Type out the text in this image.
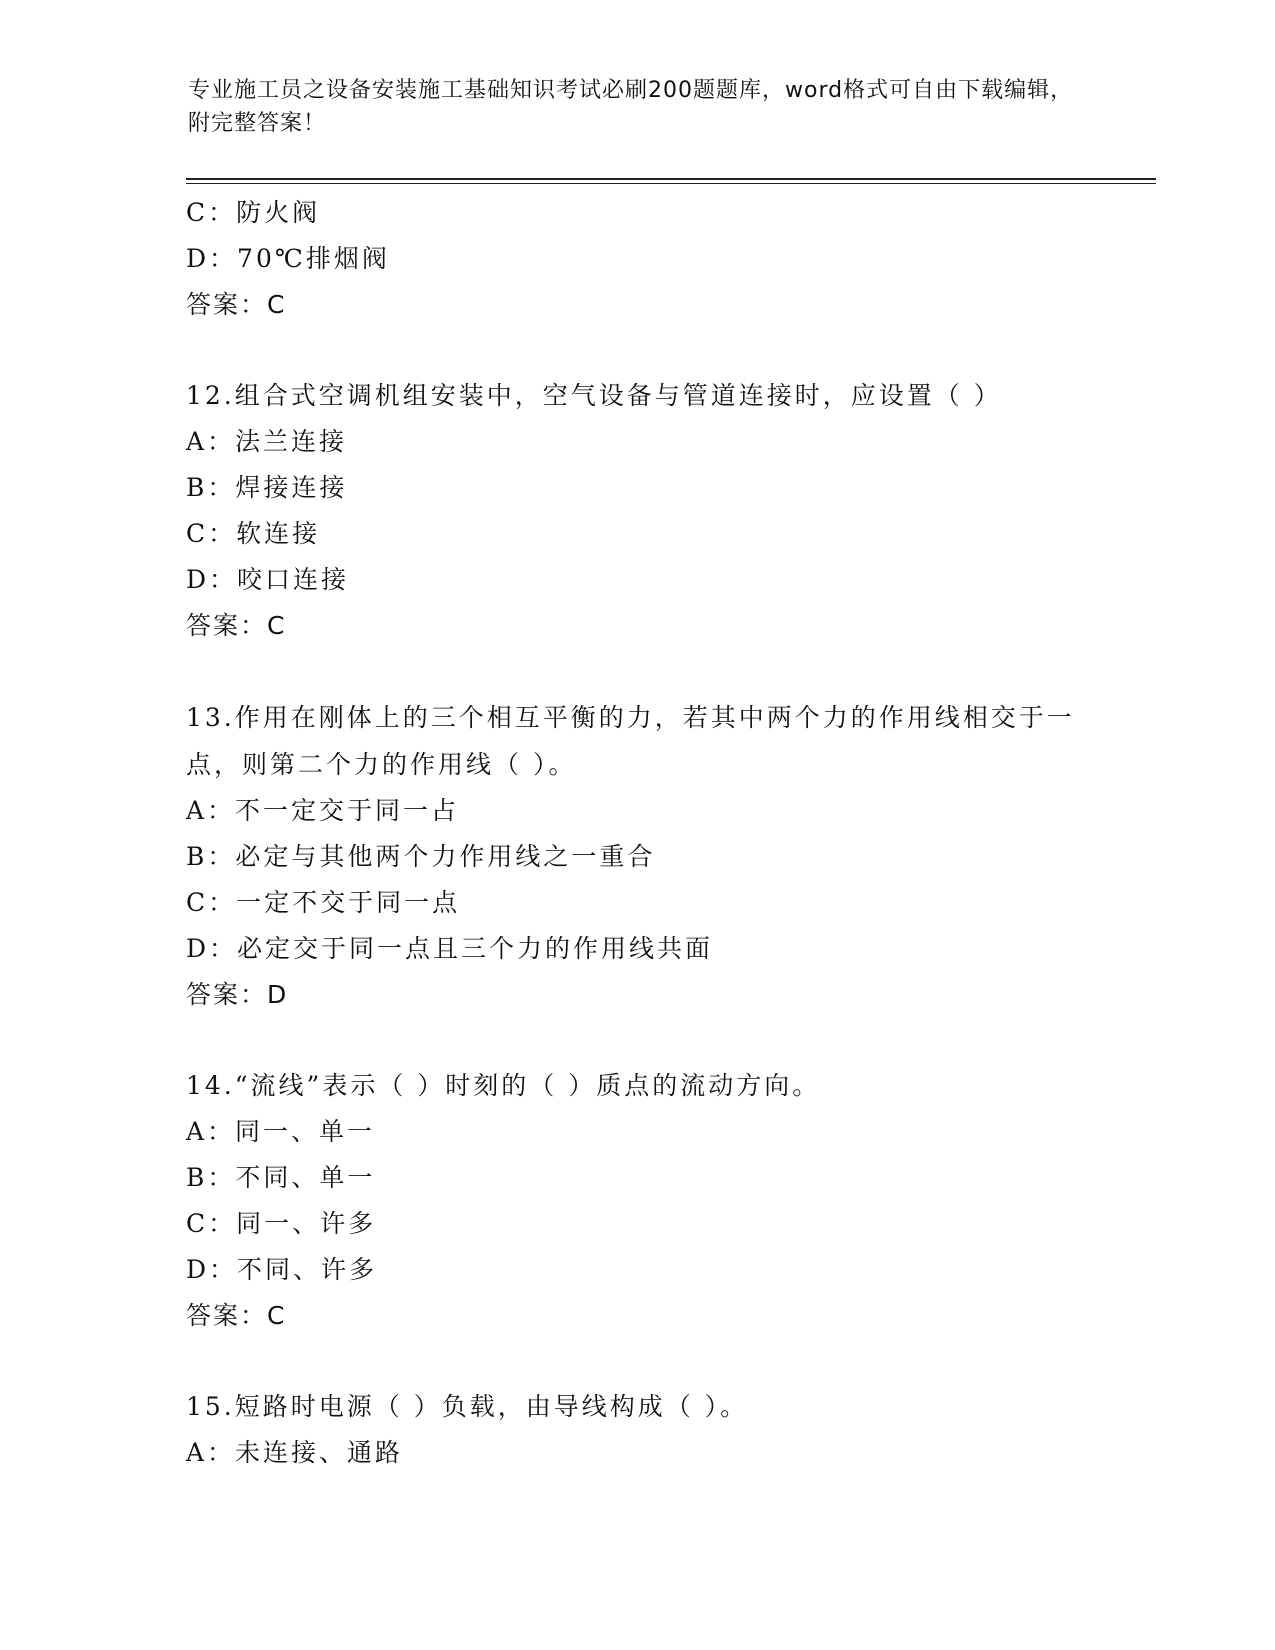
专业施工员之设备安装施工基础知识考试必刷200题题库，word格式可自由下载编辑，附完整答案！
C：防火阀
D：70℃排烟阀
答案：C
12.组合式空调机组安装中，空气设备与管道连接时，应设置（ ）
A：法兰连接
B：焊接连接
C：软连接
D：咬口连接
答案：C
13.作用在刚体上的三个相互平衡的力，若其中两个力的作用线相交于一点，则第二个力的作用线（ ）。
A：不一定交于同一占
B：必定与其他两个力作用线之一重合
C：一定不交于同一点
D：必定交于同一点且三个力的作用线共面
答案：D
14.“流线”表示（ ）时刻的（ ）质点的流动方向。
A：同一、单一
B：不同、单一
C：同一、许多
D：不同、许多
答案：C
15.短路时电源（ ）负载，由导线构成（ ）。
A：未连接、通路
